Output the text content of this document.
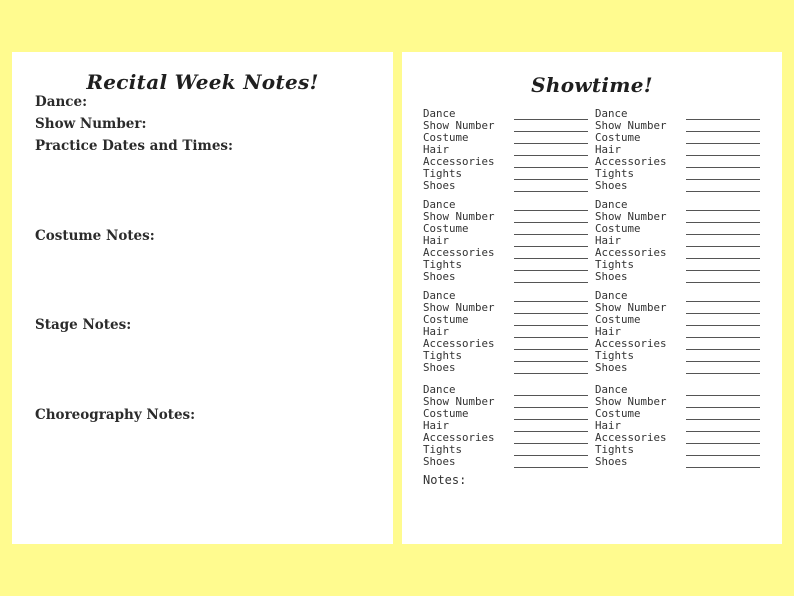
Recital Week Notes!
Dance:
Show Number:
Practice Dates and Times:
Costume Notes:
Stage Notes:
Choreography Notes:
Showtime!
Dance
Show Number
Costume
Hair
Accessories
Tights
Shoes
Dance
Show Number
Costume
Hair
Accessories
Tights
Shoes
Dance
Show Number
Costume
Hair
Accessories
Tights
Shoes
Dance
Show Number
Costume
Hair
Accessories
Tights
Shoes
Dance
Show Number
Costume
Hair
Accessories
Tights
Shoes
Dance
Show Number
Costume
Hair
Accessories
Tights
Shoes
Dance
Show Number
Costume
Hair
Accessories
Tights
Shoes
Dance
Show Number
Costume
Hair
Accessories
Tights
Shoes
Notes:
